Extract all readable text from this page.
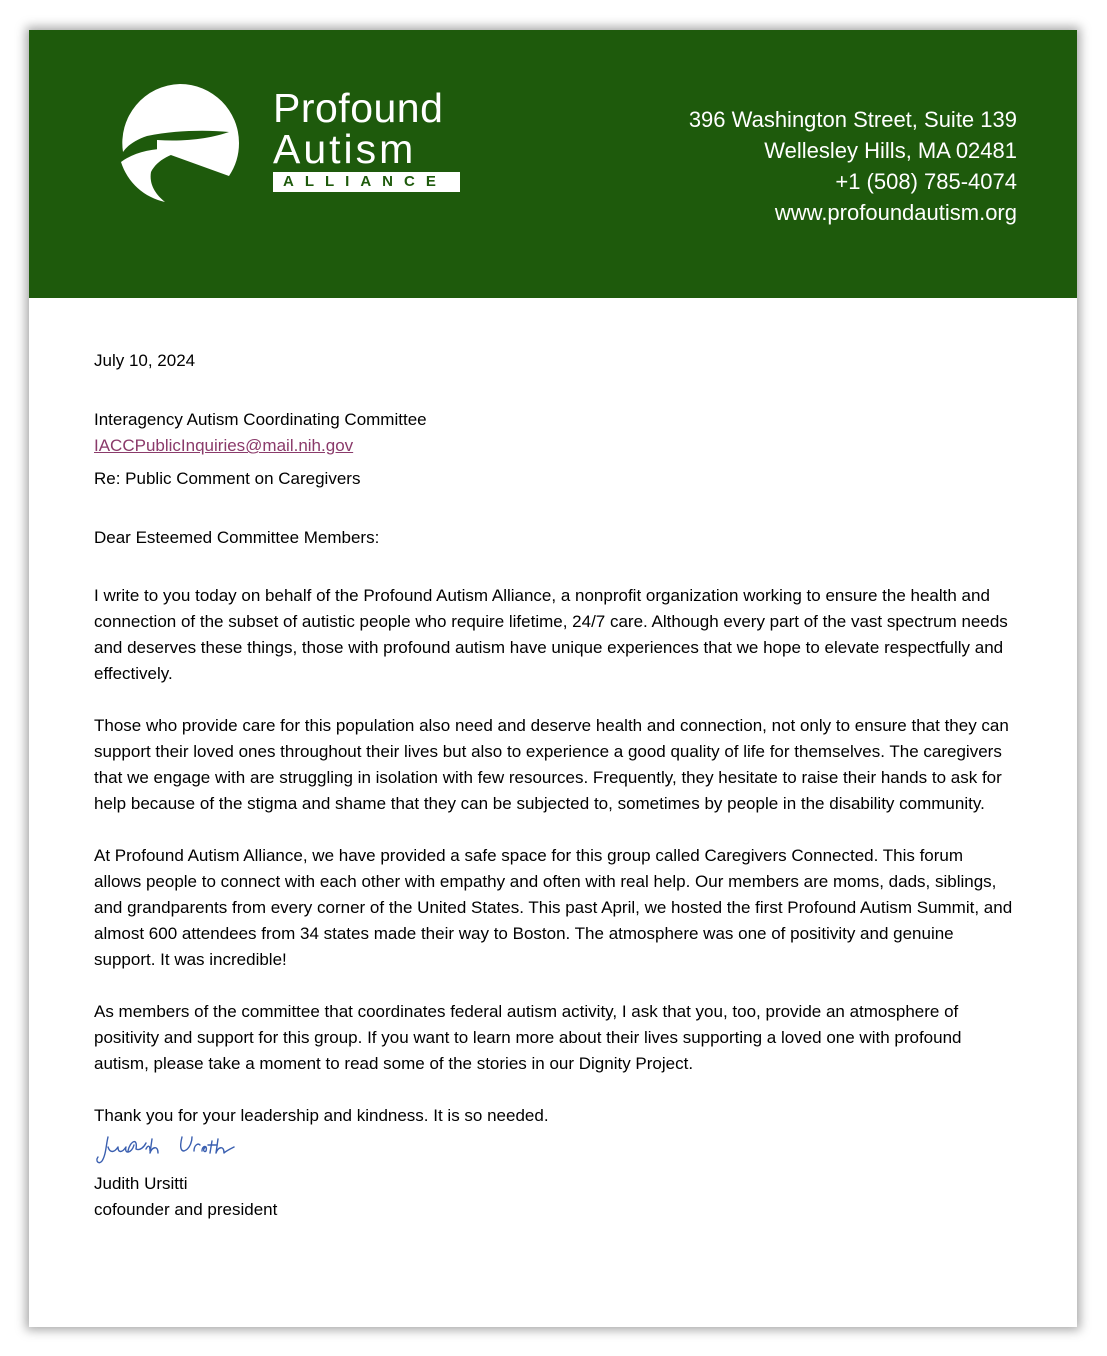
Profound
Autism
ALLIANCE
396 Washington Street, Suite 139
Wellesley Hills, MA 02481
+1 (508) 785-4074
www.profoundautism.org

July 10, 2024

Interagency Autism Coordinating Committee

IACCPublicInquiries@mail.nih.gov

Re: Public Comment on Caregivers

Dear Esteemed Committee Members:

I write to you today on behalf of the Profound Autism Alliance, a nonprofit organization working to ensure the health and connection of the subset of autistic people who require lifetime, 24/7 care. Although every part of the vast spectrum needs and deserves these things, those with profound autism have unique experiences that we hope to elevate respectfully and effectively.

Those who provide care for this population also need and deserve health and connection, not only to ensure that they can support their loved ones throughout their lives but also to experience a good quality of life for themselves. The caregivers that we engage with are struggling in isolation with few resources. Frequently, they hesitate to raise their hands to ask for help because of the stigma and shame that they can be subjected to, sometimes by people in the disability community.

At Profound Autism Alliance, we have provided a safe space for this group called Caregivers Connected. This forum allows people to connect with each other with empathy and often with real help. Our members are moms, dads, siblings, and grandparents from every corner of the United States. This past April, we hosted the first Profound Autism Summit, and almost 600 attendees from 34 states made their way to Boston. The atmosphere was one of positivity and genuine support. It was incredible!

As members of the committee that coordinates federal autism activity, I ask that you, too, provide an atmosphere of positivity and support for this group. If you want to learn more about their lives supporting a loved one with profound autism, please take a moment to read some of the stories in our Dignity Project.

Thank you for your leadership and kindness. It is so needed.

Judith Ursitti

cofounder and president
